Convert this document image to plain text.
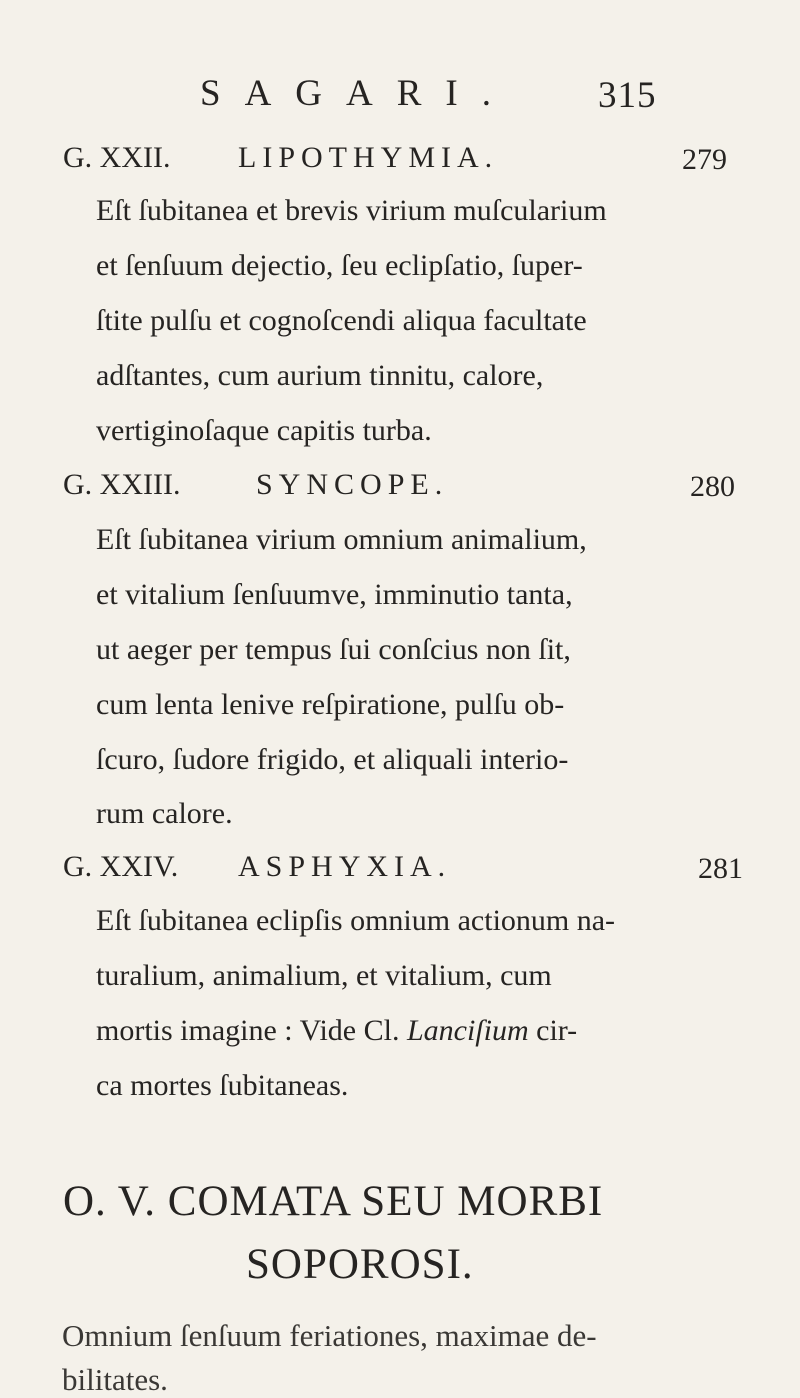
SAGARI. 315
G. XXII. LIPOTHYMIA.	279
Eſt ſubitanea et brevis virium muſcularium
et ſenſuum dejectio, ſeu eclipſatio, ſuper-
ſtite pulſu et cognoſcendi aliqua facultate
adſtantes, cum aurium tinnitu, calore,
vertiginoſaque capitis turba.
G. XXIII.	SYNCOPE.	280
Eſt ſubitanea virium omnium animalium,
et vitalium ſenſuumve, imminutio tanta,
ut aeger per tempus ſui conſcius non ſit,
cum lenta lenive reſpiratione, pulſu ob-
ſcuro, ſudore frigido, et aliquali interio-
rum calore.
G. XXIV. ASPHYXIA.	281
Eſt ſubitanea eclipſis omnium actionum na-
turalium, animalium, et vitalium, cum
mortis imagine : Vide Cl. Lanciſium cir-
ca mortes ſubitaneas.
O. V. COMATA SEU MORBI
SOPOROSI.
Omnium ſenſuum feriationes, maximae de-
bilitates.
